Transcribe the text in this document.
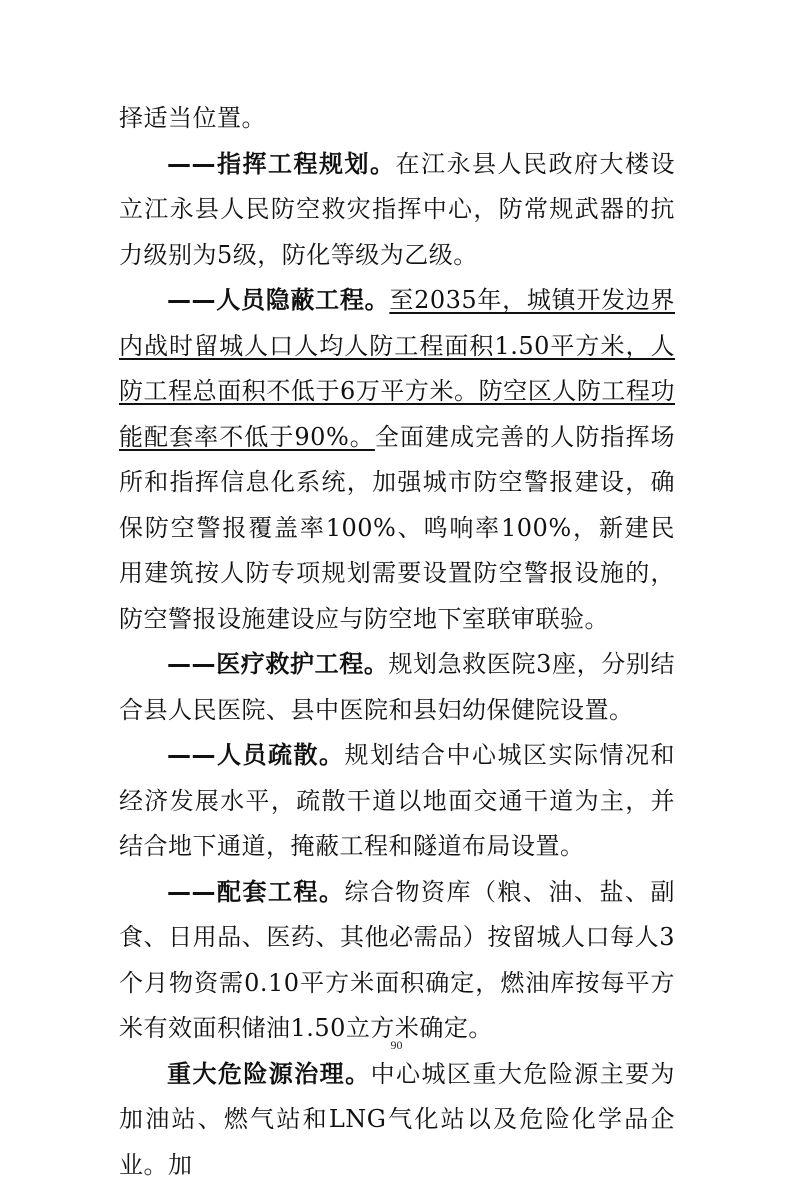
择适当位置。

——指挥工程规划。在江永县人民政府大楼设立江永县人民防空救灾指挥中心，防常规武器的抗力级别为5级，防化等级为乙级。

——人员隐蔽工程。至2035年，城镇开发边界内战时留城人口人均人防工程面积1.50平方米，人防工程总面积不低于6万平方米。防空区人防工程功能配套率不低于90%。全面建成完善的人防指挥场所和指挥信息化系统，加强城市防空警报建设，确保防空警报覆盖率100%、鸣响率100%，新建民用建筑按人防专项规划需要设置防空警报设施的，防空警报设施建设应与防空地下室联审联验。

——医疗救护工程。规划急救医院3座，分别结合县人民医院、县中医院和县妇幼保健院设置。

——人员疏散。规划结合中心城区实际情况和经济发展水平，疏散干道以地面交通干道为主，并结合地下通道，掩蔽工程和隧道布局设置。

——配套工程。综合物资库（粮、油、盐、副食、日用品、医药、其他必需品）按留城人口每人3个月物资需0.10平方米面积确定，燃油库按每平方米有效面积储油1.50立方米确定。

重大危险源治理。中心城区重大危险源主要为加油站、燃气站和LNG气化站以及危险化学品企业。加

90
